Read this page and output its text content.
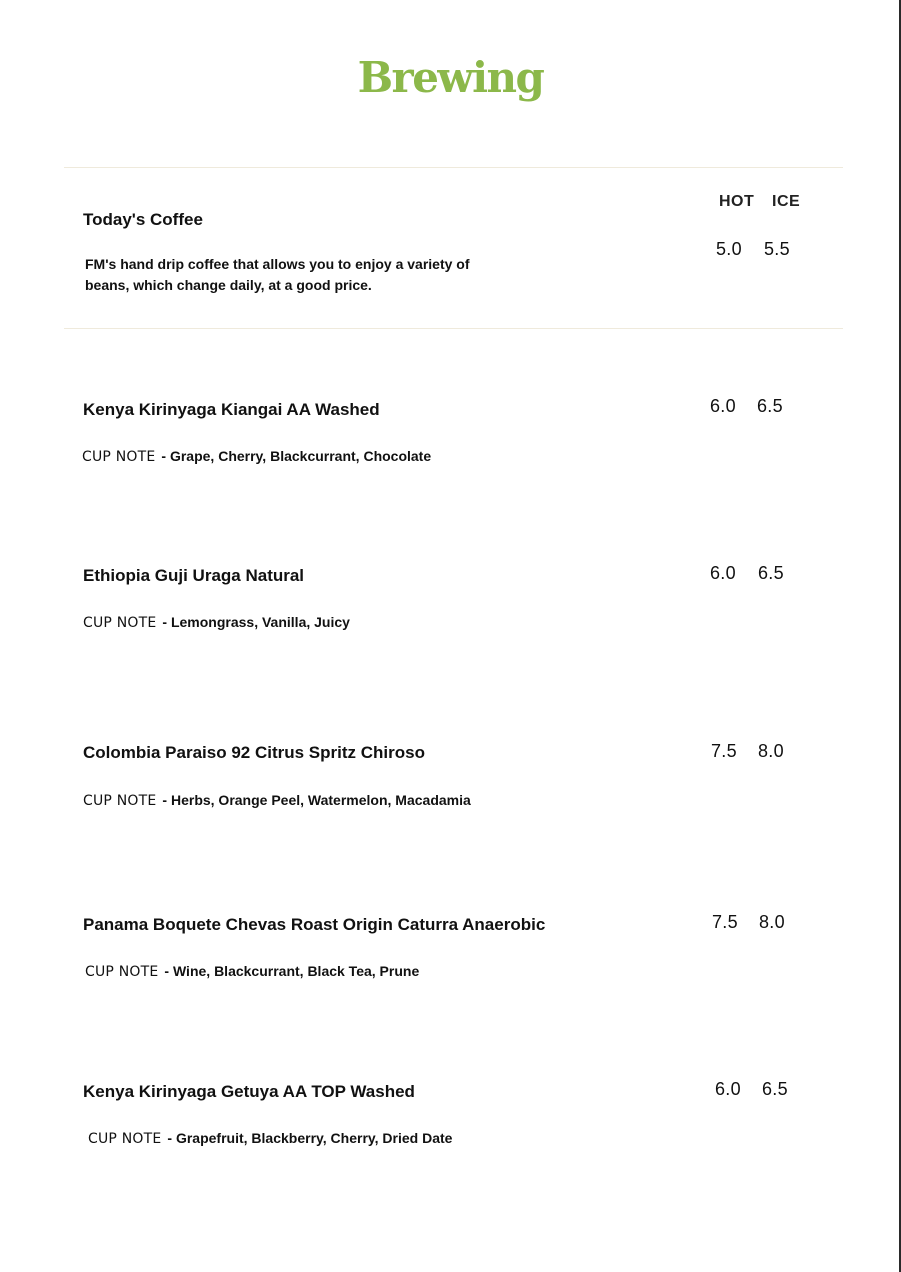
Brewing
HOT ICE
Today's Coffee
FM's hand drip coffee that allows you to enjoy a variety of beans, which change daily, at a good price.
5.0 5.5
Kenya Kirinyaga Kiangai AA Washed
CUP NOTE - Grape, Cherry, Blackcurrant, Chocolate
6.0 6.5
Ethiopia Guji Uraga Natural
CUP NOTE - Lemongrass, Vanilla, Juicy
6.0 6.5
Colombia Paraiso 92 Citrus Spritz Chiroso
CUP NOTE - Herbs, Orange Peel, Watermelon, Macadamia
7.5 8.0
Panama Boquete Chevas Roast Origin Caturra Anaerobic
CUP NOTE - Wine, Blackcurrant, Black Tea, Prune
7.5 8.0
Kenya Kirinyaga Getuya AA TOP Washed
CUP NOTE - Grapefruit, Blackberry, Cherry, Dried Date
6.0 6.5
